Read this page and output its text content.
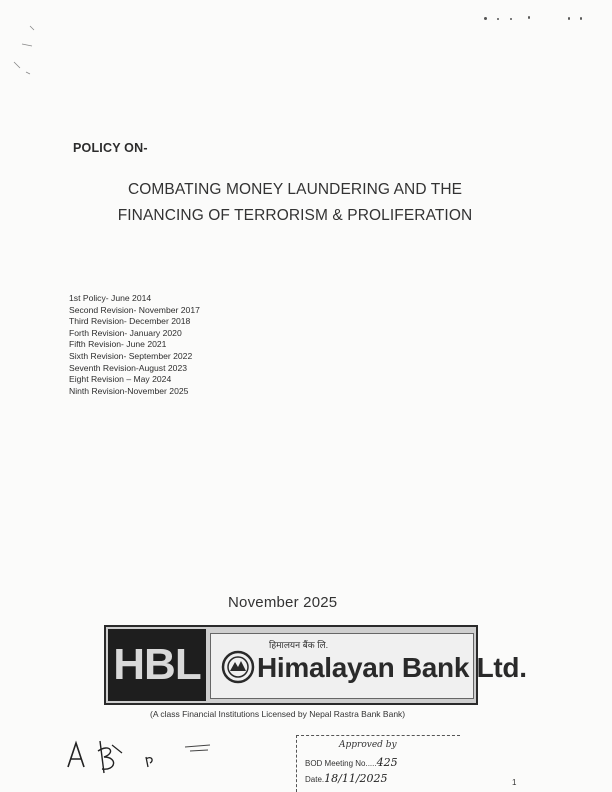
POLICY ON-
COMBATING MONEY LAUNDERING AND THE
FINANCING OF TERRORISM & PROLIFERATION
1st Policy- June 2014
Second Revision- November 2017
Third Revision- December 2018
Forth Revision- January 2020
Fifth Revision- June 2021
Sixth Revision- September 2022
Seventh Revision-August 2023
Eight Revision – May 2024
Ninth Revision-November 2025
November 2025
HBL	हिमालयन बैंक लि.
Himalayan Bank Ltd.
(A class Financial Institutions Licensed by Nepal Rastra Bank Bank)
Approved by
BOD Meeting No.....425
Date.18/11/2025	1
